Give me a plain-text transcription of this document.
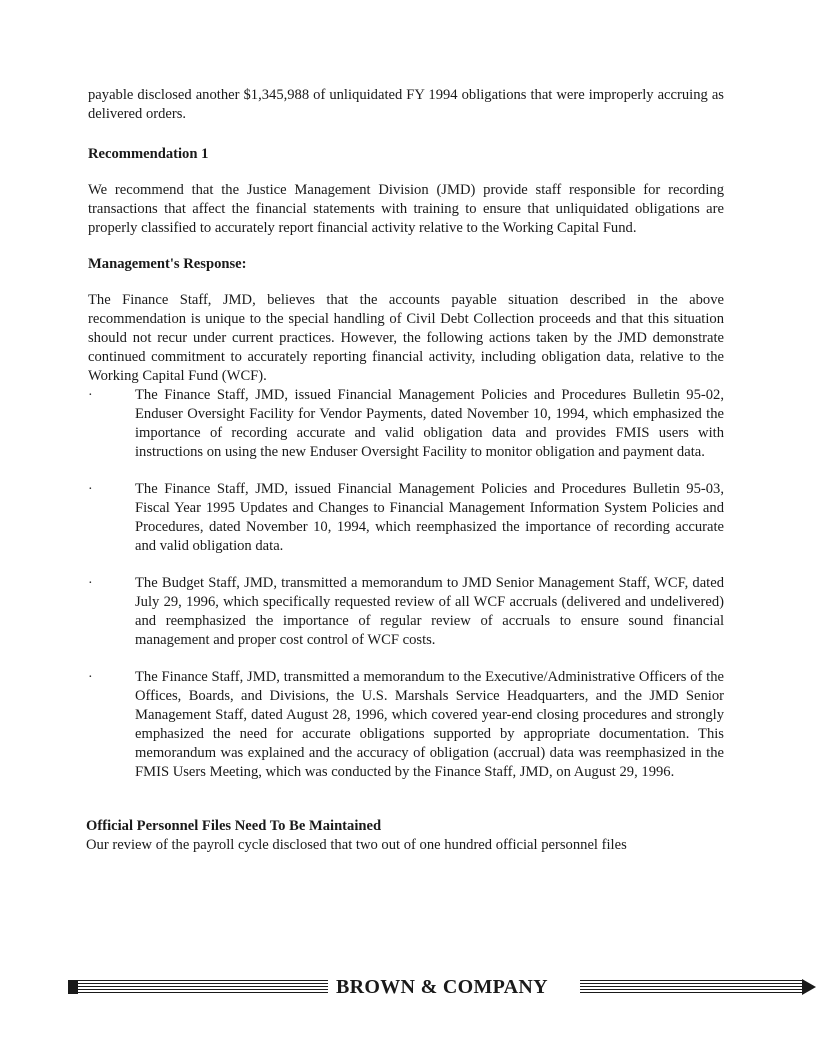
payable disclosed another $1,345,988 of unliquidated FY 1994 obligations that were improperly accruing as delivered orders.

Recommendation 1

We recommend that the Justice Management Division (JMD) provide staff responsible for recording transactions that affect the financial statements with training to ensure that unliquidated obligations are properly classified to accurately report financial activity relative to the Working Capital Fund.

Management's Response:

The Finance Staff, JMD, believes that the accounts payable situation described in the above recommendation is unique to the special handling of Civil Debt Collection proceeds and that this situation should not recur under current practices. However, the following actions taken by the JMD demonstrate continued commitment to accurately reporting financial activity, including obligation data, relative to the Working Capital Fund (WCF).

·	The Finance Staff, JMD, issued Financial Management Policies and Procedures Bulletin 95-02, Enduser Oversight Facility for Vendor Payments, dated November 10, 1994, which emphasized the importance of recording accurate and valid obligation data and provides FMIS users with instructions on using the new Enduser Oversight Facility to monitor obligation and payment data.
·	The Finance Staff, JMD, issued Financial Management Policies and Procedures Bulletin 95-03, Fiscal Year 1995 Updates and Changes to Financial Management Information System Policies and Procedures, dated November 10, 1994, which reemphasized the importance of recording accurate and valid obligation data.
·	The Budget Staff, JMD, transmitted a memorandum to JMD Senior Management Staff, WCF, dated July 29, 1996, which specifically requested review of all WCF accruals (delivered and undelivered) and reemphasized the importance of regular review of accruals to ensure sound financial management and proper cost control of WCF costs.
·	The Finance Staff, JMD, transmitted a memorandum to the Executive/Administrative Officers of the Offices, Boards, and Divisions, the U.S. Marshals Service Headquarters, and the JMD Senior Management Staff, dated August 28, 1996, which covered year-end closing procedures and strongly emphasized the need for accurate obligations supported by appropriate documentation. This memorandum was explained and the accuracy of obligation (accrual) data was reemphasized in the FMIS Users Meeting, which was conducted by the Finance Staff, JMD, on August 29, 1996.

Official Personnel Files Need To Be Maintained

Our review of the payroll cycle disclosed that two out of one hundred official personnel files

BROWN & COMPANY
